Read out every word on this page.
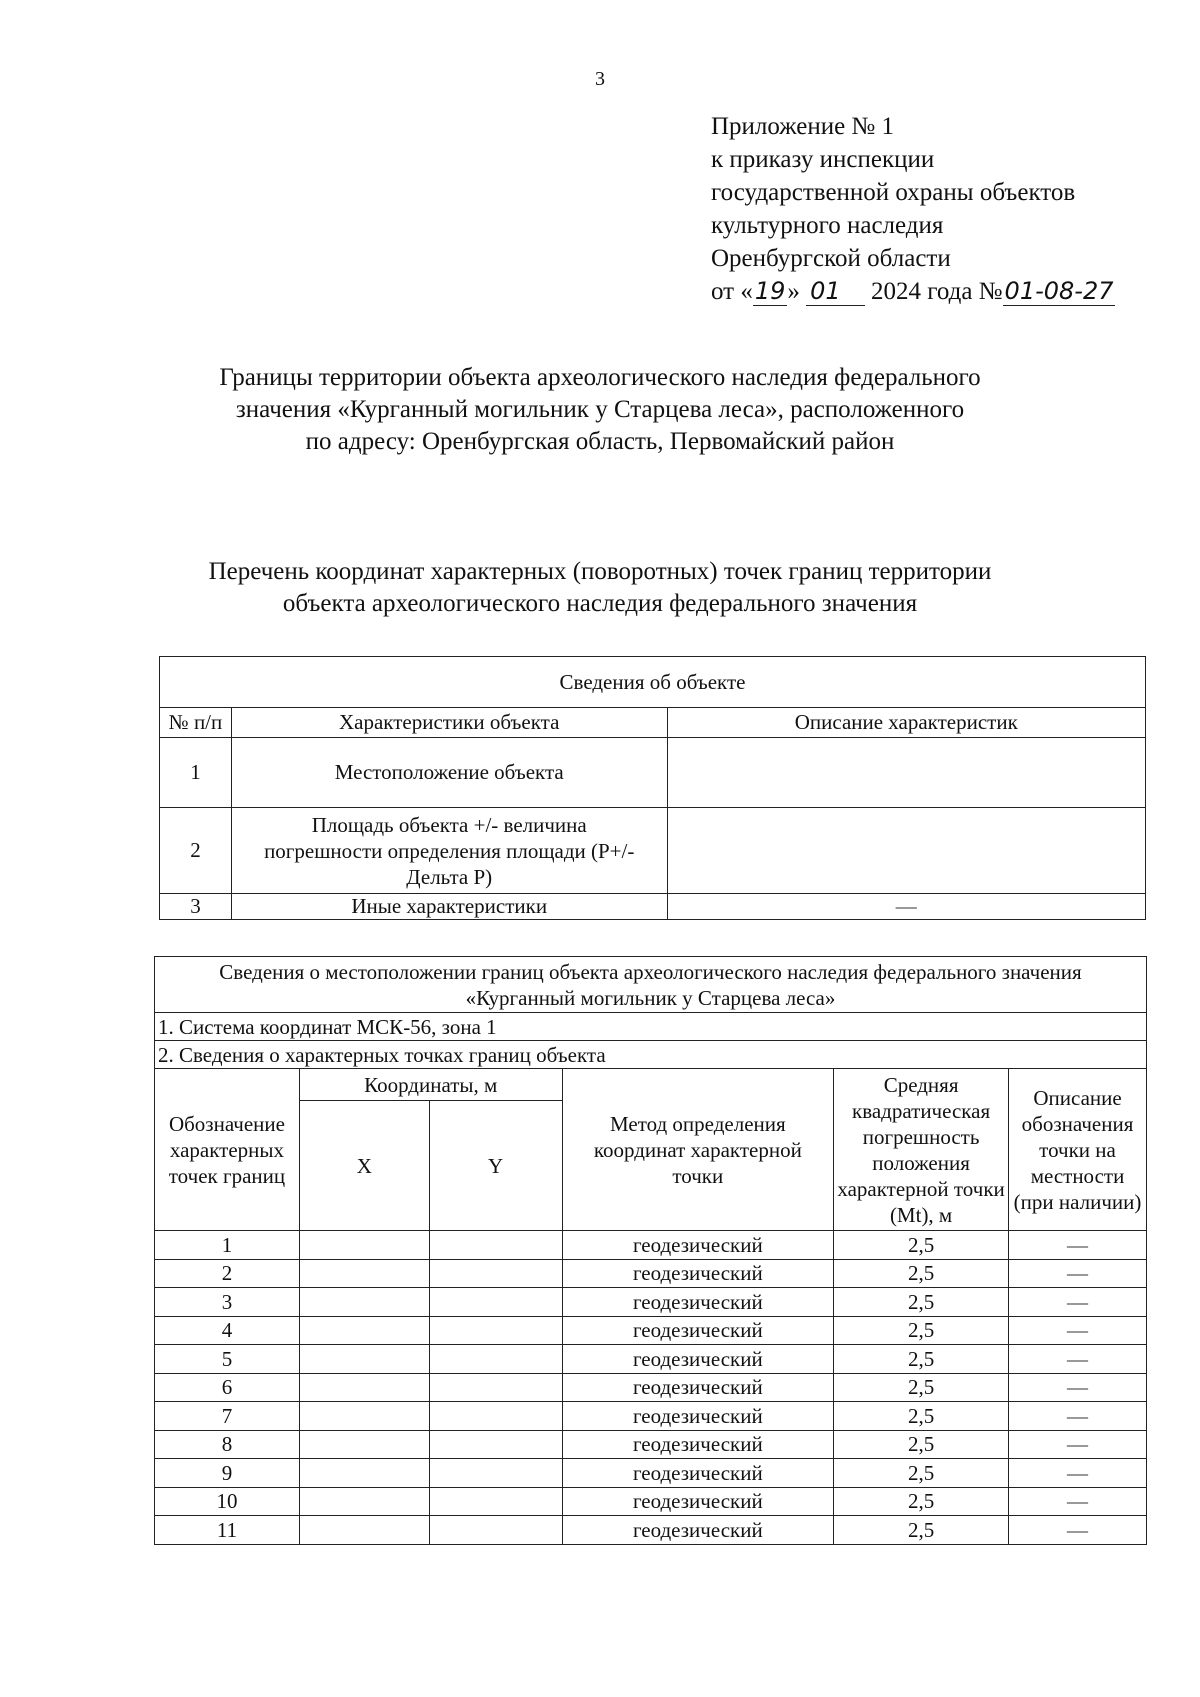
3
Приложение № 1
к приказу инспекции
государственной охраны объектов
культурного наследия
Оренбургской области
от «19» 01 2024 года №01-08-27
Границы территории объекта археологического наследия федерального
значения «Курганный могильник у Старцева леса», расположенного
по адресу: Оренбургская область, Первомайский район
Перечень координат характерных (поворотных) точек границ территории
объекта археологического наследия федерального значения
Сведения об объекте		
№ п/п	Характеристики объекта	Описание характеристик
1	Местоположение объекта	
2	Площадь объекта +/- величина погрешности определения площади (Р+/- Дельта Р)	
3	Иные характеристики	—
Сведения о местоположении границ объекта археологического наследия федерального значения «Курганный могильник у Старцева леса»					
1. Система координат МСК-56, зона 1					
2. Сведения о характерных точках границ объекта					
Обозначение характерных точек границ	Координаты, м		Метод определения координат характерной точки	Средняя квадратическая погрешность положения характерной точки (Mt), м	Описание обозначения точки на местности (при наличии)
	X	Y			
1			геодезический	2,5	—
2			геодезический	2,5	—
3			геодезический	2,5	—
4			геодезический	2,5	—
5			геодезический	2,5	—
6			геодезический	2,5	—
7			геодезический	2,5	—
8			геодезический	2,5	—
9			геодезический	2,5	—
10			геодезический	2,5	—
11			геодезический	2,5	—
